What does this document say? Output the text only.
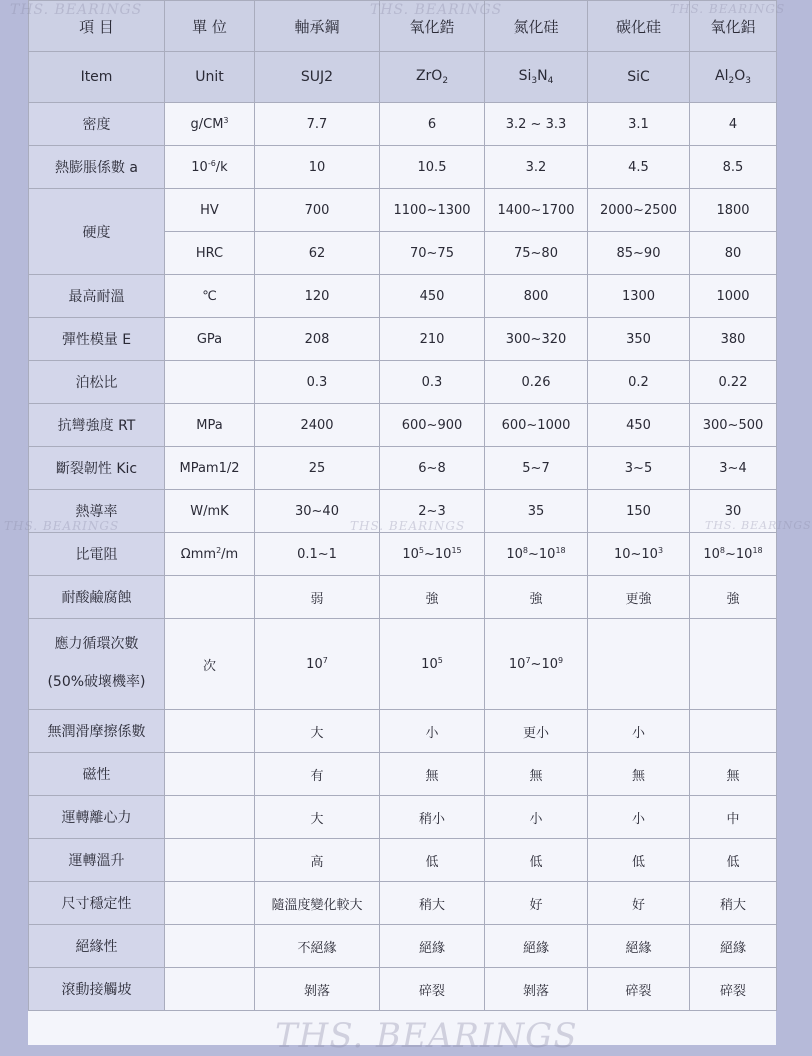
項 目	單 位	軸承鋼	氧化鋯	氮化硅	碳化硅	氧化鋁
Item	Unit	SUJ2	ZrO$_2$	$Si_3N_4$	SiC	$Al_2O_3$
密度	$g/CM^3$	7.7	6	3.2 ~ 3.3	3.1	4
熱膨脹係數 a	$10^{-6}/k$	10	10.5	3.2	4.5	8.5
硬度	HV	700	1100~1300	1400~1700	2000~2500	1800
	HRC	62	70~75	75~80	85~90	80
最高耐溫	℃	120	450	800	1300	1000
彈性模量 E	GPa	208	210	300~320	350	380
泊松比		0.3	0.3	0.26	0.2	0.22
抗彎強度 RT	MPa	2400	600~900	600~1000	450	300~500
斷裂韌性 Kic	MPam1/2	25	6~8	5~7	3~5	3~4
熱導率	W/mK	30~40	2~3	35	150	30
比電阻	Ωmm$^2$/m	0.1~1	$10^5\sim 10^{15}$	$10^8\sim 10^{18}$	$10\sim 10^3$	$10^8\sim 10^{18}$
耐酸鹼腐蝕		弱	強	強	更強	強
應力循環次數
(50%破壞機率)	次	$10^7$	$10^5$	$10^7\sim 10^9$		
無潤滑摩擦係數		大	小	更小	小	
磁性		有	無	無	無	無
運轉離心力		大	稍小	小	小	中
運轉溫升		高	低	低	低	低
尺寸穩定性		隨溫度變化較大	稍大	好	好	稍大
絕緣性		不絕緣	絕緣	絕緣	絕緣	絕緣
滾動接觸坡		剝落	碎裂	剝落	碎裂	碎裂
THS. BEARINGS	THS. BEARINGS	THS. BEARINGS
THS. BEARINGS	THS. BEARINGS	THS. BEARINGS
THS. BEARINGS
